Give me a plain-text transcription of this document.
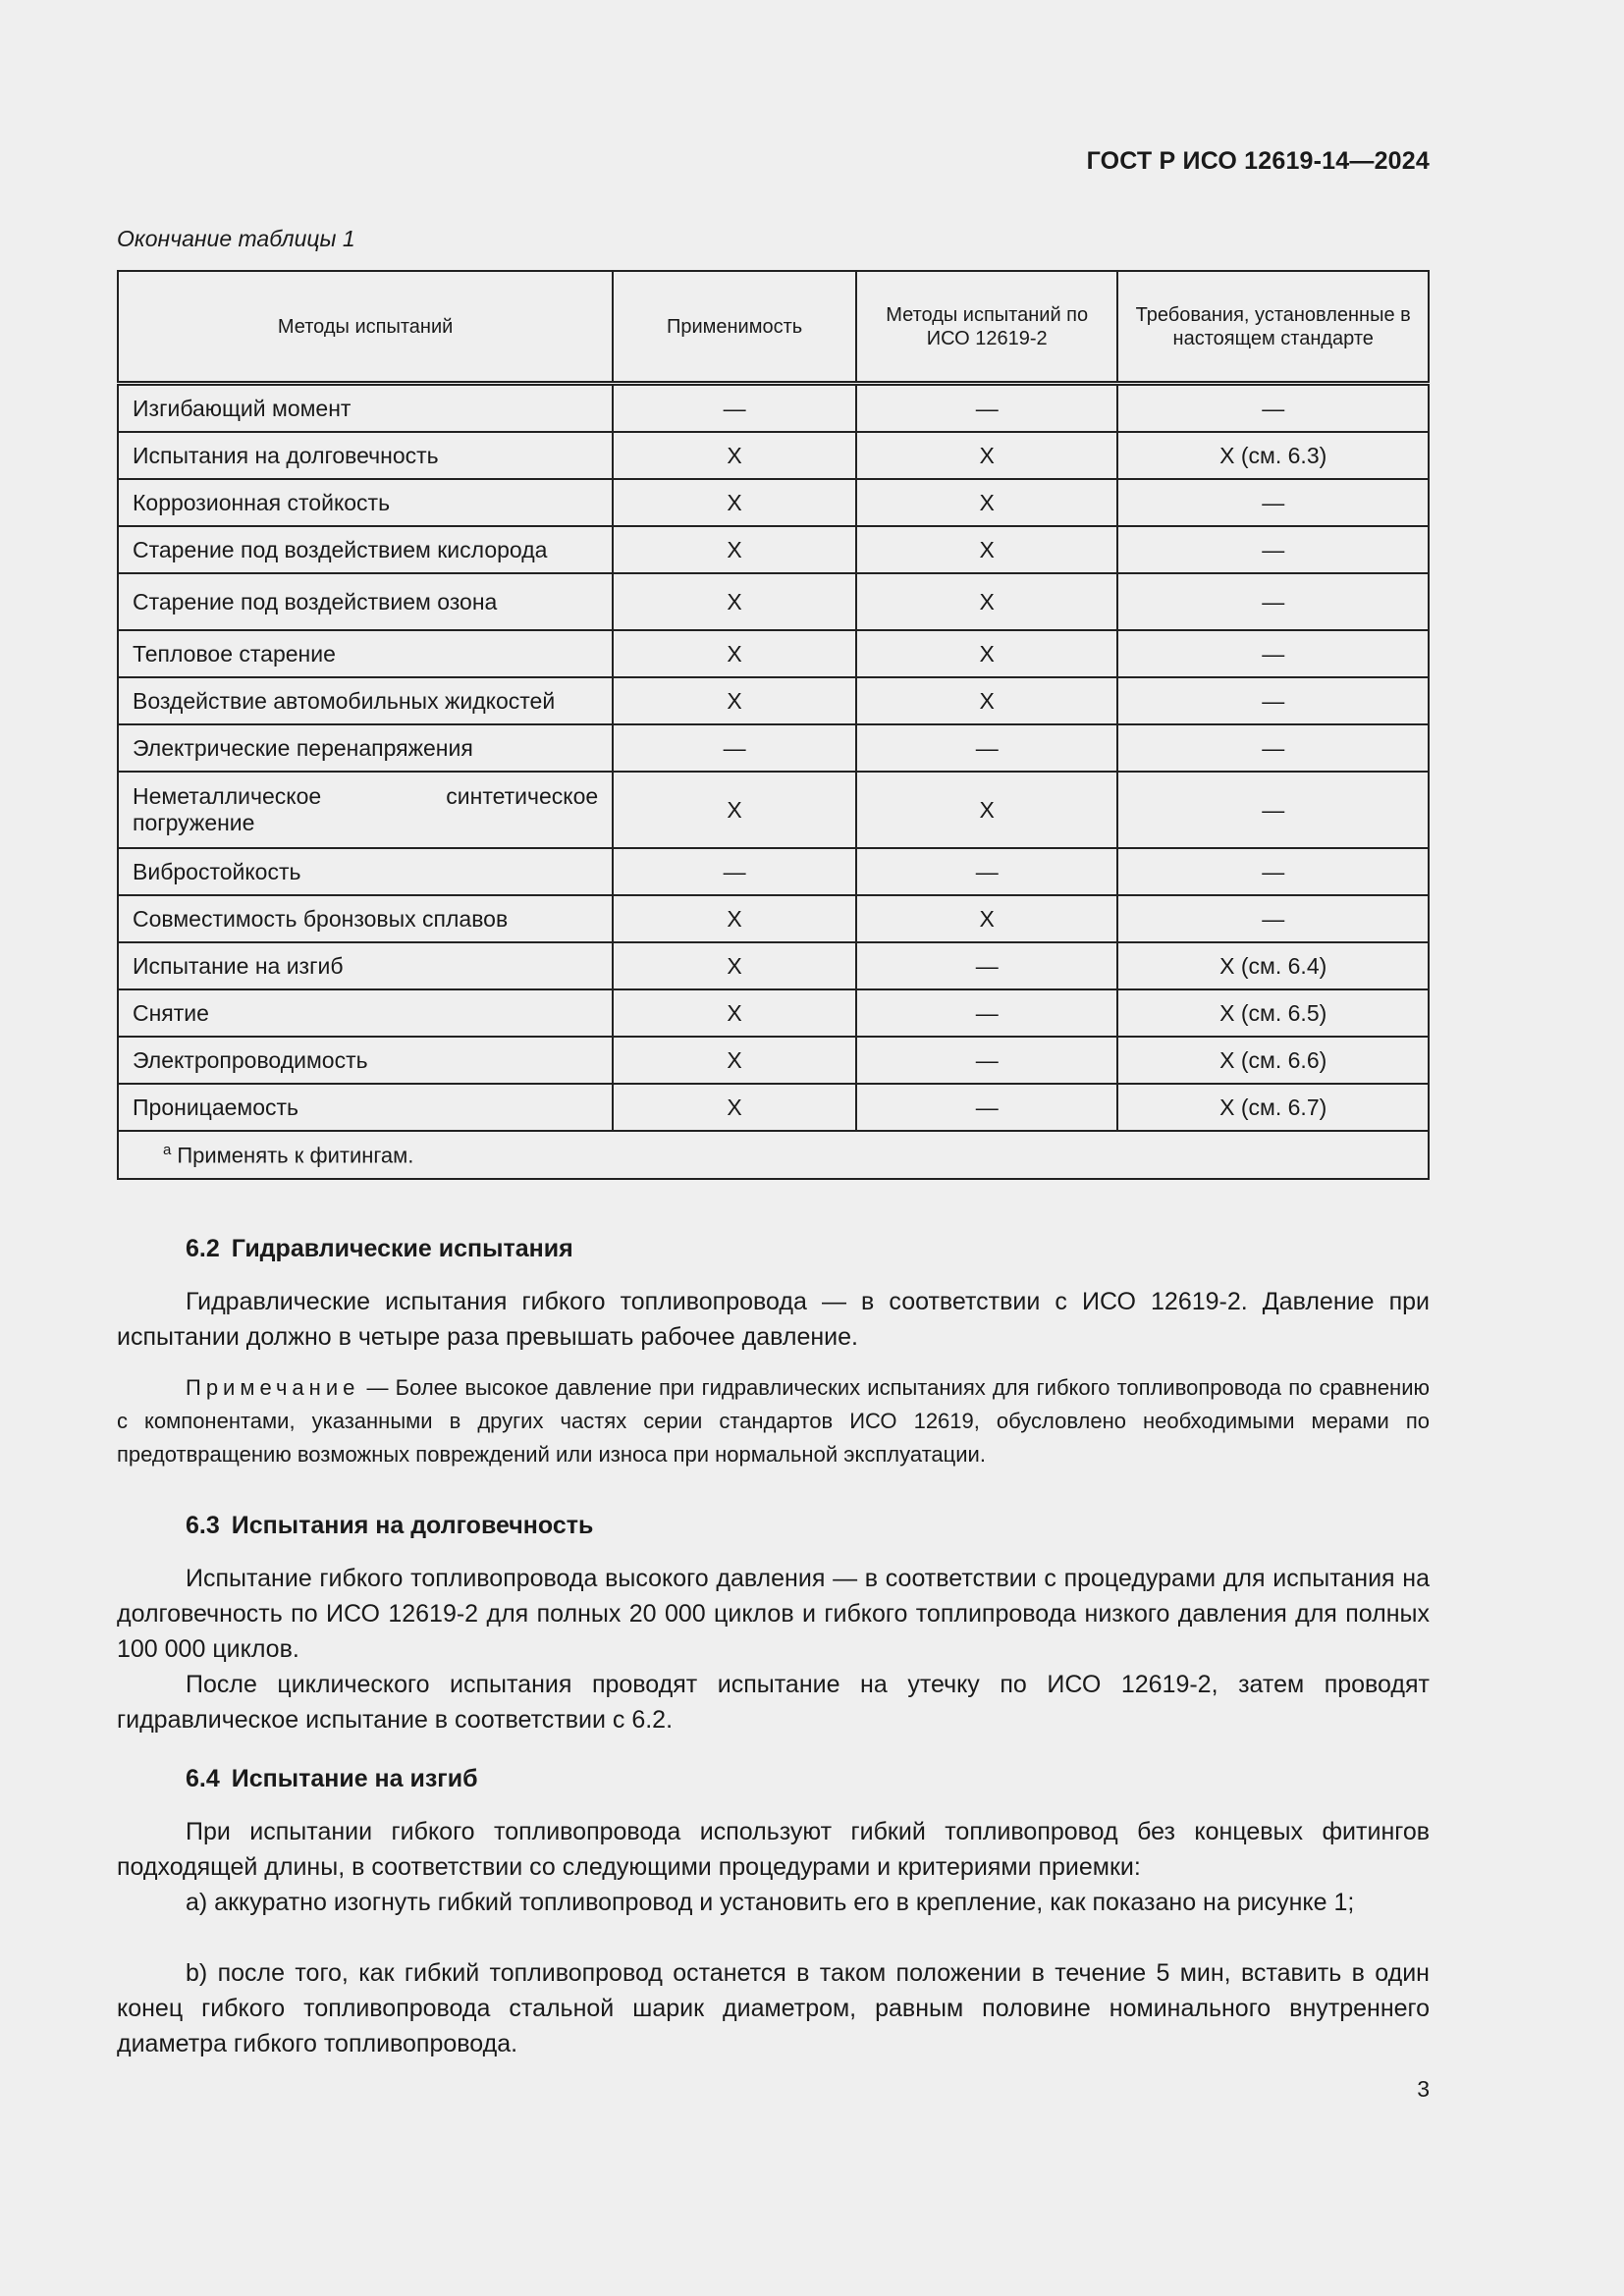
ГОСТ Р ИСО 12619-14—2024
Окончание таблицы 1
Методы испытаний	Применимость	Методы испытаний по ИСО 12619-2	Требования, установленные в настоящем стандарте
Изгибающий момент	—	—	—
Испытания на долговечность	X	X	X (см. 6.3)
Коррозионная стойкость	X	X	—
Старение под воздействием кислорода	X	X	—
Старение под воздействием озона	X	X	—
Тепловое старение	X	X	—
Воздействие автомобильных жидкостей	X	X	—
Электрические перенапряжения	—	—	—
Неметаллическое синтетическое погружение	X	X	—
Вибростойкость	—	—	—
Совместимость бронзовых сплавов	X	X	—
Испытание на изгиб	X	—	X (см. 6.4)
Снятие	X	—	X (см. 6.5)
Электропроводимость	X	—	X (см. 6.6)
Проницаемость	X	—	X (см. 6.7)
$^a$ Применять к фитингам.			
6.2 Гидравлические испытания
Гидравлические испытания гибкого топливопровода — в соответствии с ИСО 12619-2. Давление при испытании должно в четыре раза превышать рабочее давление.
Примечание — Более высокое давление при гидравлических испытаниях для гибкого топливопровода по сравнению с компонентами, указанными в других частях серии стандартов ИСО 12619, обусловлено необходимыми мерами по предотвращению возможных повреждений или износа при нормальной эксплуатации.
6.3 Испытания на долговечность
Испытание гибкого топливопровода высокого давления — в соответствии с процедурами для испытания на долговечность по ИСО 12619-2 для полных 20 000 циклов и гибкого топлипровода низкого давления для полных 100 000 циклов.
После циклического испытания проводят испытание на утечку по ИСО 12619-2, затем проводят гидравлическое испытание в соответствии с 6.2.
6.4 Испытание на изгиб
При испытании гибкого топливопровода используют гибкий топливопровод без концевых фитингов подходящей длины, в соответствии со следующими процедурами и критериями приемки:
a) аккуратно изогнуть гибкий топливопровод и установить его в крепление, как показано на рисунке 1;
b) после того, как гибкий топливопровод останется в таком положении в течение 5 мин, вставить в один конец гибкого топливопровода стальной шарик диаметром, равным половине номинального внутреннего диаметра гибкого топливопровода.
3
